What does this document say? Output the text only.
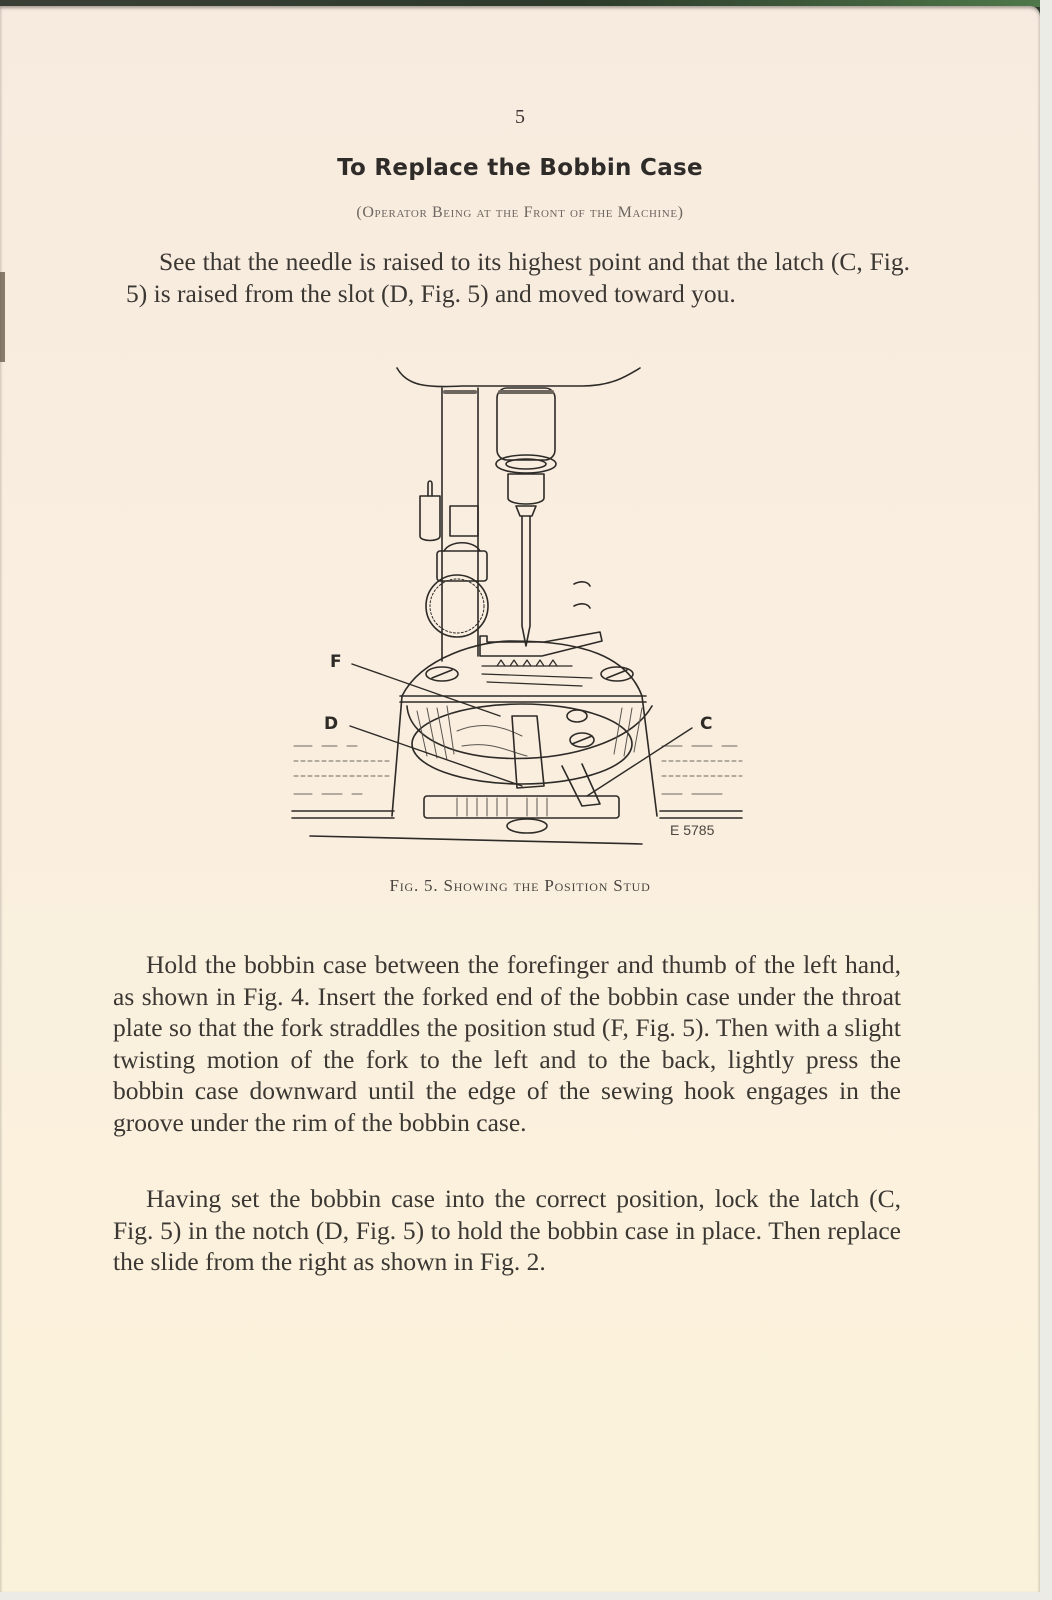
5
To Replace the Bobbin Case
(Operator Being at the Front of the Machine)

See that the needle is raised to its highest point and that the latch (C, Fig. 5) is raised from the slot (D, Fig. 5) and moved toward you.

F
D	C
E 5785
Fig. 5. Showing the Position Stud

Hold the bobbin case between the forefinger and thumb of the left hand, as shown in Fig. 4. Insert the forked end of the bobbin case under the throat plate so that the fork straddles the position stud (F, Fig. 5). Then with a slight twisting motion of the fork to the left and to the back, lightly press the bobbin case downward until the edge of the sewing hook engages in the groove under the rim of the bobbin case.

Having set the bobbin case into the correct position, lock the latch (C, Fig. 5) in the notch (D, Fig. 5) to hold the bobbin case in place. Then replace the slide from the right as shown in Fig. 2.
